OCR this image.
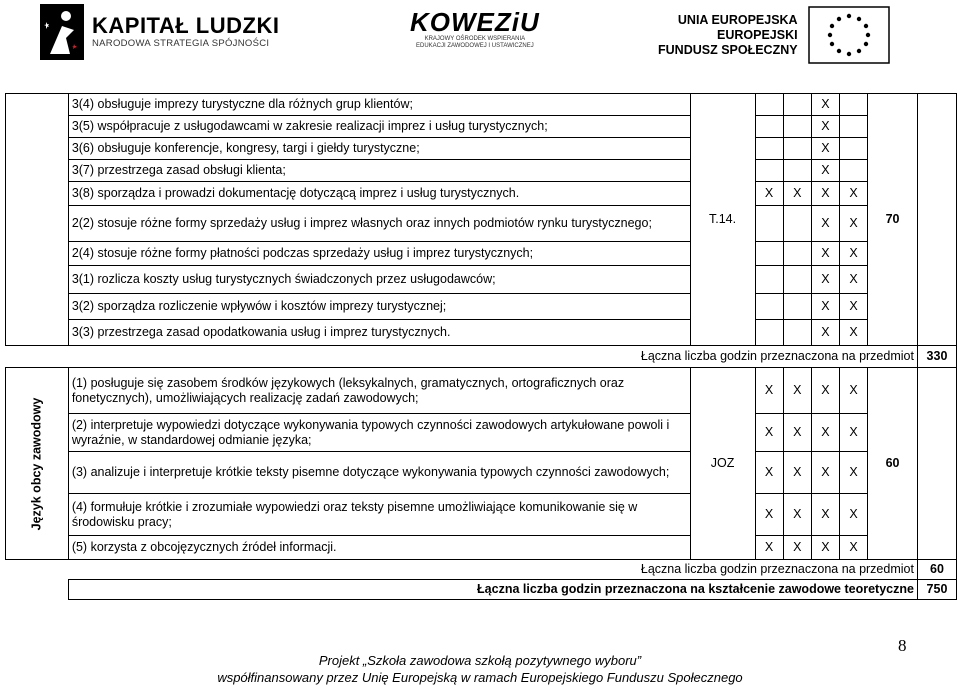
KAPITAŁ LUDZKI
NARODOWA STRATEGIA SPÓJNOŚCI
KOWEZiU
KRAJOWY OŚRODEK WSPIERANIA
EDUKACJI ZAWODOWEJ I USTAWICZNEJ
UNIA EUROPEJSKA
EUROPEJSKI
FUNDUSZ SPOŁECZNY
	3(4) obsługuje imprezy turystyczne dla różnych grup klientów;	T.14.			X		70	
	3(5) współpracuje z usługodawcami w zakresie realizacji imprez i usług turystycznych;				X			
	3(6) obsługuje konferencje, kongresy, targi i giełdy turystyczne;				X			
	3(7) przestrzega zasad obsługi klienta;				X			
	3(8) sporządza i prowadzi dokumentację dotyczącą imprez i usług turystycznych.		X	X	X	X		
	2(2) stosuje różne formy sprzedaży usług i imprez własnych oraz innych podmiotów rynku turystycznego;				X	X		
	2(4) stosuje różne formy płatności podczas sprzedaży usług i imprez turystycznych;				X	X		
	3(1) rozlicza koszty usług turystycznych świadczonych przez usługodawców;				X	X		
	3(2) sporządza rozliczenie wpływów i kosztów imprezy turystycznej;				X	X		
	3(3) przestrzega zasad opodatkowania usług i imprez turystycznych.				X	X		
	Łączna liczba godzin przeznaczona na przedmiot							330

Język obcy zawodowy	(1) posługuje się zasobem środków językowych (leksykalnych, gramatycznych, ortograficznych oraz fonetycznych), umożliwiających realizację zadań zawodowych;	JOZ	X	X	X	X	60	
	(2) interpretuje wypowiedzi dotyczące wykonywania typowych czynności zawodowych artykułowane powoli i wyraźnie, w standardowej odmianie języka;		X	X	X	X		
	(3) analizuje i interpretuje krótkie teksty pisemne dotyczące wykonywania typowych czynności zawodowych;		X	X	X	X		
	(4) formułuje krótkie i zrozumiałe wypowiedzi oraz teksty pisemne umożliwiające komunikowanie się w środowisku pracy;		X	X	X	X		
	(5) korzysta z obcojęzycznych źródeł informacji.		X	X	X	X		
	Łączna liczba godzin przeznaczona na przedmiot							60
	Łączna liczba godzin przeznaczona na kształcenie zawodowe teoretyczne							750
8
Projekt „Szkoła zawodowa szkołą pozytywnego wyboru”
współfinansowany przez Unię Europejską w ramach Europejskiego Funduszu Społecznego
